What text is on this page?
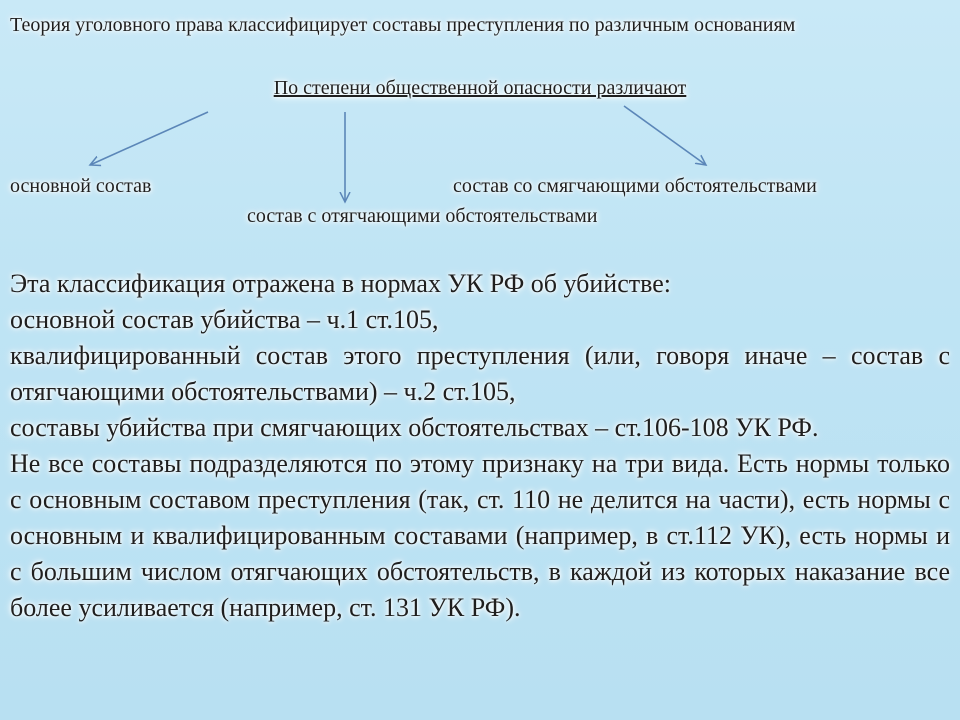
Теория уголовного права классифицирует составы преступления по различным основаниям
По степени общественной опасности различают
основной состав	состав со смягчающими обстоятельствами
состав с отягчающими обстоятельствами

Эта классификация отражена в нормах УК РФ об убийстве:

основной состав убийства – ч.1 ст.105,

квалифицированный состав этого преступления (или, говоря иначе – состав с отягчающими обстоятельствами) – ч.2 ст.105,

составы убийства при смягчающих обстоятельствах – ст.106-108 УК РФ.

Не все составы подразделяются по этому признаку на три вида. Есть нормы только с основным составом преступления (так, ст. 110 не делится на части), есть нормы с основным и квалифицированным составами (например, в ст.112 УК), есть нормы и с большим числом отягчающих обстоятельств, в каждой из которых наказание все более усиливается (например, ст. 131 УК РФ).
